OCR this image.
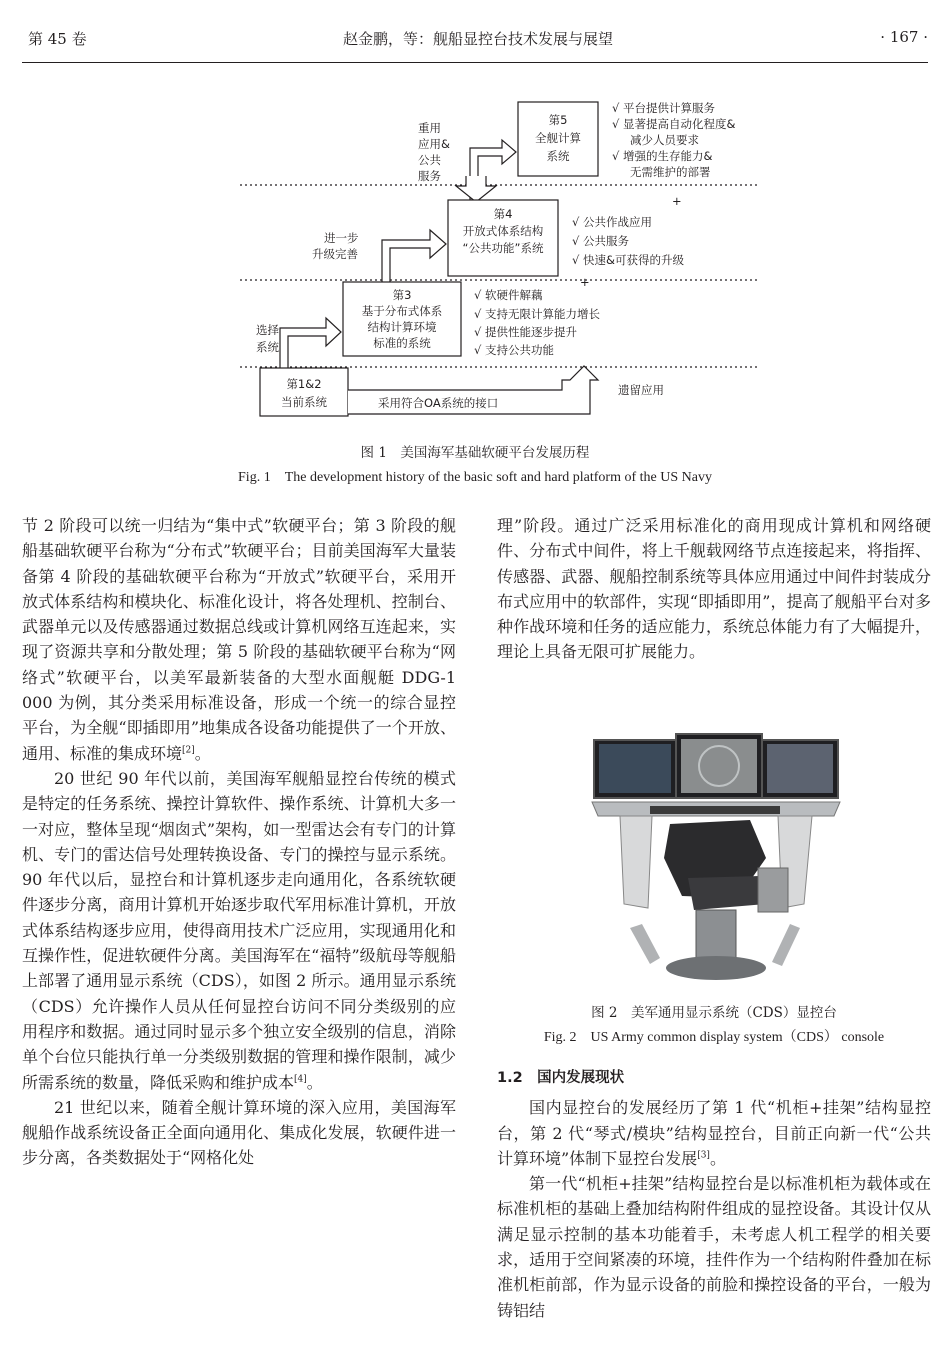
第 45 卷	赵金鹏，等：舰船显控台技术发展与展望	· 167 ·
第5
全舰计算
系统
重用
应用&
公共
服务
√ 平台提供计算服务
√ 显著提高自动化程度&
减少人员要求
√ 增强的生存能力&
无需维护的部署
+
第4
开放式体系结构
“公共功能”系统
进一步
升级完善
√ 公共作战应用
√ 公共服务
√ 快速&可获得的升级
+
第3
基于分布式体系
结构计算环境
标准的系统
选择
系统
√ 软硬件解藕
√ 支持无限计算能力增长
√ 提供性能逐步提升
√ 支持公共功能
第1&2
当前系统	采用符合OA系统的接口
遗留应用
图 1　美国海军基础软硬平台发展历程
Fig. 1　The development history of the basic soft and hard platform of the US Navy

节 2 阶段可以统一归结为“集中式”软硬平台；第 3 阶段的舰船基础软硬平台称为“分布式”软硬平台；目前美国海军大量装备第 4 阶段的基础软硬平台称为“开放式”软硬平台，采用开放式体系结构和模块化、标准化设计，将各处理机、控制台、武器单元以及传感器通过数据总线或计算机网络互连起来，实现了资源共享和分散处理；第 5 阶段的基础软硬平台称为“网络式”软硬平台，以美军最新装备的大型水面舰艇 DDG-1 000 为例，其分类采用标准设备，形成一个统一的综合显控平台，为全舰“即插即用”地集成各设备功能提供了一个开放、通用、标准的集成环境[2]。

20 世纪 90 年代以前，美国海军舰船显控台传统的模式是特定的任务系统、操控计算软件、操作系统、计算机大多一一对应，整体呈现“烟囱式”架构，如一型雷达会有专门的计算机、专门的雷达信号处理转换设备、专门的操控与显示系统。90 年代以后，显控台和计算机逐步走向通用化，各系统软硬件逐步分离，商用计算机开始逐步取代军用标准计算机，开放式体系结构逐步应用，使得商用技术广泛应用，实现通用化和互操作性，促进软硬件分离。美国海军在“福特”级航母等舰船上部署了通用显示系统（CDS），如图 2 所示。通用显示系统（CDS）允许操作人员从任何显控台访问不同分类级别的应用程序和数据。通过同时显示多个独立安全级别的信息，消除单个台位只能执行单一分类级别数据的管理和操作限制，减少所需系统的数量，降低采购和维护成本[4]。

21 世纪以来，随着全舰计算环境的深入应用，美国海军舰船作战系统设备正全面向通用化、集成化发展，软硬件进一步分离，各类数据处于“网格化处

理”阶段。通过广泛采用标准化的商用现成计算机和网络硬件、分布式中间件，将上千舰载网络节点连接起来，将指挥、传感器、武器、舰船控制系统等具体应用通过中间件封装成分布式应用中的软部件，实现“即插即用”，提高了舰船平台对多种作战环境和任务的适应能力，系统总体能力有了大幅提升，理论上具备无限可扩展能力。

图 2　美军通用显示系统（CDS）显控台
Fig. 2　US Army common display system（CDS） console
1.2　国内发展现状

国内显控台的发展经历了第 1 代“机柜+挂架”结构显控台，第 2 代“琴式/模块”结构显控台，目前正向新一代“公共计算环境”体制下显控台发展[3]。

第一代“机柜+挂架”结构显控台是以标准机柜为载体或在标准机柜的基础上叠加结构附件组成的显控设备。其设计仅从满足显示控制的基本功能着手，未考虑人机工程学的相关要求，适用于空间紧凑的环境，挂件作为一个结构附件叠加在标准机柜前部，作为显示设备的前脸和操控设备的平台，一般为铸铝结
